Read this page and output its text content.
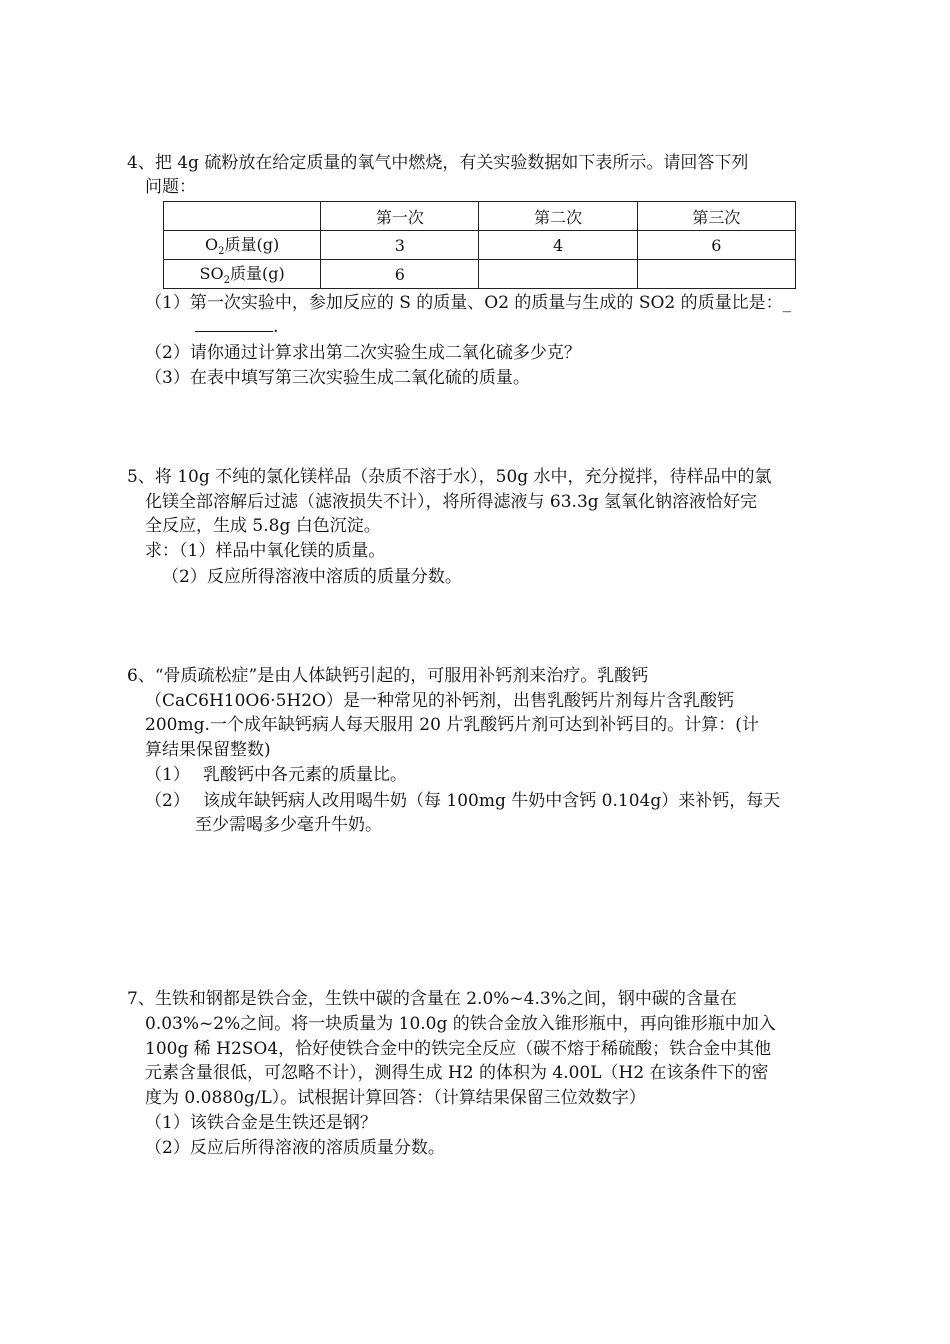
4、把 4g 硫粉放在给定质量的氧气中燃烧，有关实验数据如下表所示。请回答下列
问题：
	第一次	第二次	第三次
$O_2$质量(g)	3	4	6
$SO_2$质量(g)	6		
（1）第一次实验中，参加反应的 S 的质量、O2 的质量与生成的 SO2 的质量比是：_
.
（2）请你通过计算求出第二次实验生成二氧化硫多少克？
（3）在表中填写第三次实验生成二氧化硫的质量。
5、将 10g 不纯的氯化镁样品（杂质不溶于水），50g 水中，充分搅拌，待样品中的氯
化镁全部溶解后过滤（滤液损失不计），将所得滤液与 63.3g 氢氧化钠溶液恰好完
全反应，生成 5.8g 白色沉淀。
求：（1）样品中氧化镁的质量。
（2）反应所得溶液中溶质的质量分数。
6、“骨质疏松症”是由人体缺钙引起的，可服用补钙剂来治疗。乳酸钙
（CaC6H10O6·5H2O）是一种常见的补钙剂，出售乳酸钙片剂每片含乳酸钙
200mg.一个成年缺钙病人每天服用 20 片乳酸钙片剂可达到补钙目的。计算：(计
算结果保留整数)
（1） 乳酸钙中各元素的质量比。
（2） 该成年缺钙病人改用喝牛奶（每 100mg 牛奶中含钙 0.104g）来补钙，每天
至少需喝多少毫升牛奶。
7、生铁和钢都是铁合金，生铁中碳的含量在 2.0%~4.3%之间，钢中碳的含量在
0.03%~2%之间。将一块质量为 10.0g 的铁合金放入锥形瓶中，再向锥形瓶中加入
100g 稀 H2SO4，恰好使铁合金中的铁完全反应（碳不熔于稀硫酸；铁合金中其他
元素含量很低，可忽略不计），测得生成 H2 的体积为 4.00L（H2 在该条件下的密
度为 0.0880g/L）。试根据计算回答：（计算结果保留三位效数字）
（1）该铁合金是生铁还是钢？
（2）反应后所得溶液的溶质质量分数。
